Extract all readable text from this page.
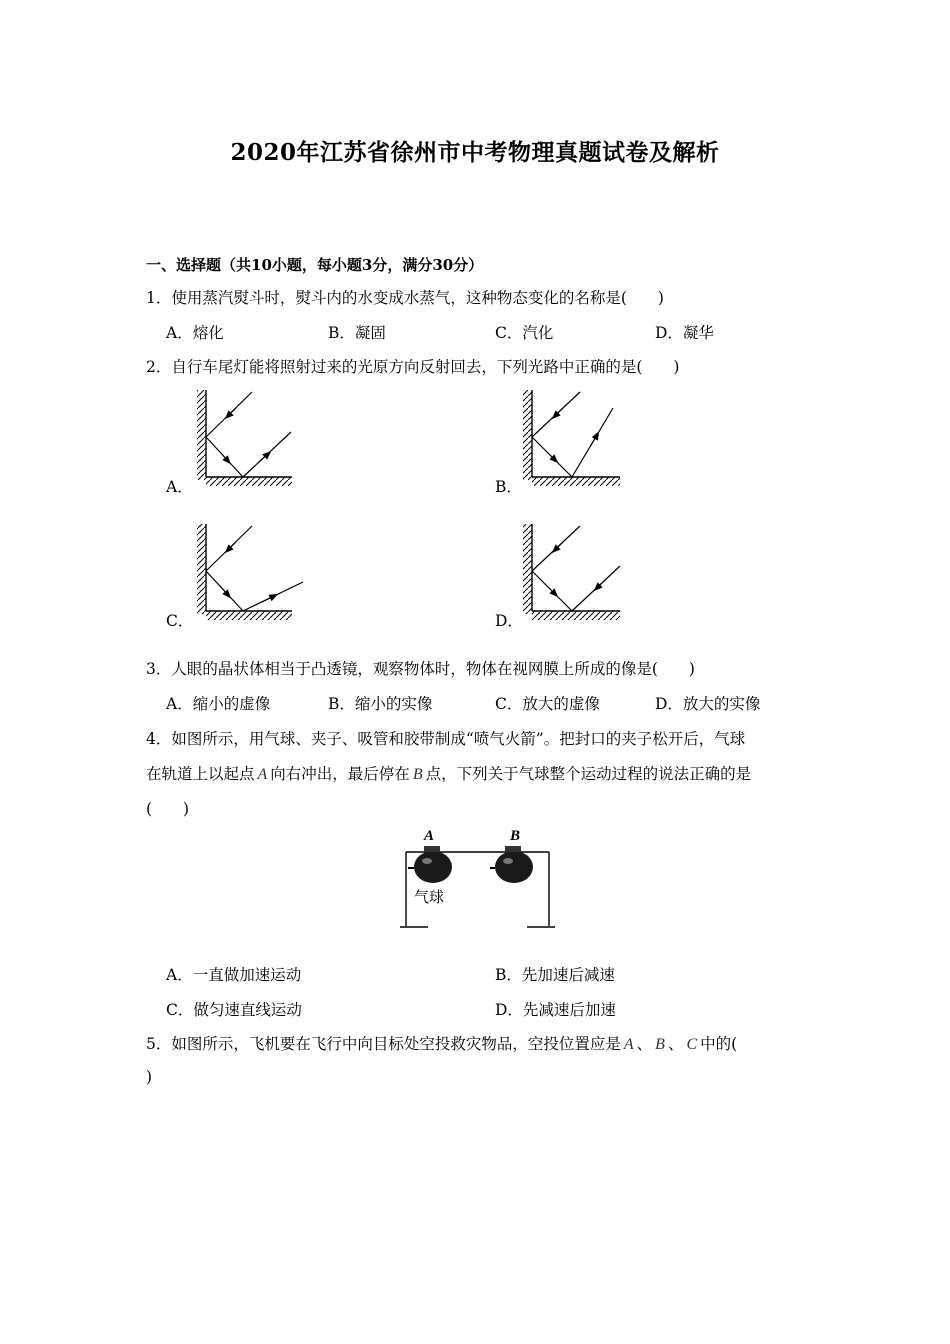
2020年江苏省徐州市中考物理真题试卷及解析
一、选择题（共10小题，每小题3分，满分30分）
1．使用蒸汽熨斗时，熨斗内的水变成水蒸气，这种物态变化的名称是(　　)
A．熔化	B．凝固	C．汽化	D．凝华
2．自行车尾灯能将照射过来的光原方向反射回去，下列光路中正确的是(　　)
A．	B．
C．	D．
3．人眼的晶状体相当于凸透镜，观察物体时，物体在视网膜上所成的像是(　　)
A．缩小的虚像	B．缩小的实像	C．放大的虚像	D．放大的实像
4．如图所示，用气球、夹子、吸管和胶带制成“喷气火箭”。把封口的夹子松开后，气球
在轨道上以起点 A 向右冲出，最后停在 B 点，下列关于气球整个运动过程的说法正确的是
(　　)
A	B
气球
A．一直做加速运动	B．先加速后减速
C．做匀速直线运动	D．先减速后加速
5．如图所示，飞机要在飞行中向目标处空投救灾物品，空投位置应是 A 、 B 、 C 中的(
)
